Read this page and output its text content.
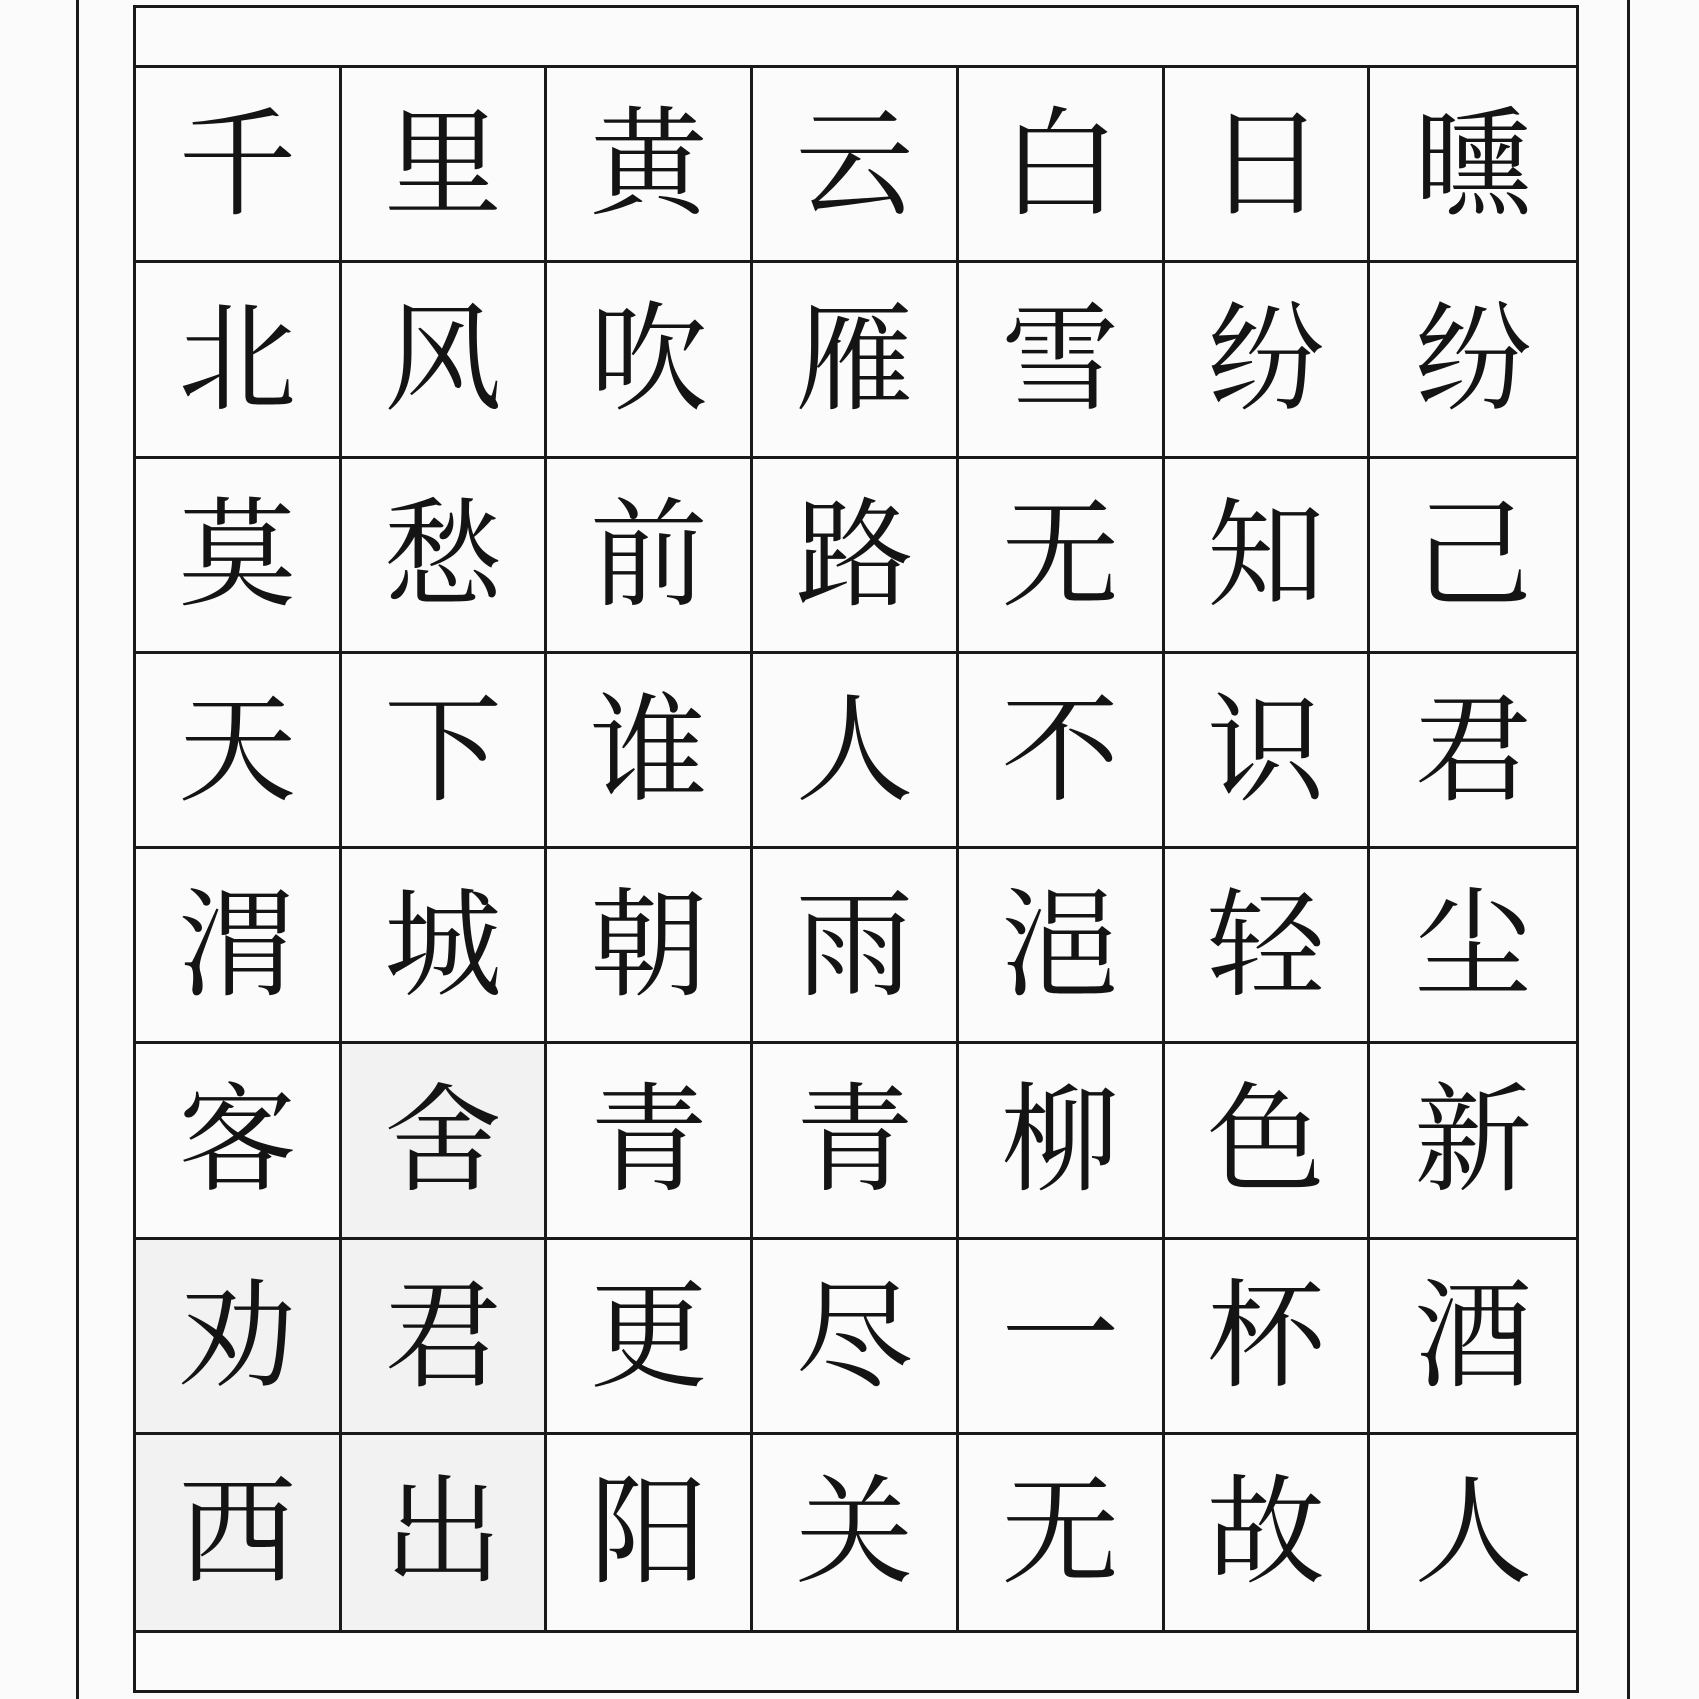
千 里 黄 云 白 日 曛
北 风 吹 雁 雪 纷 纷
莫 愁 前 路 无 知 己
天 下 谁 人 不 识 君
渭 城 朝 雨 浥 轻 尘
客 舍 青 青 柳 色 新
劝 君 更 尽 一 杯 酒
西 出 阳 关 无 故 人
